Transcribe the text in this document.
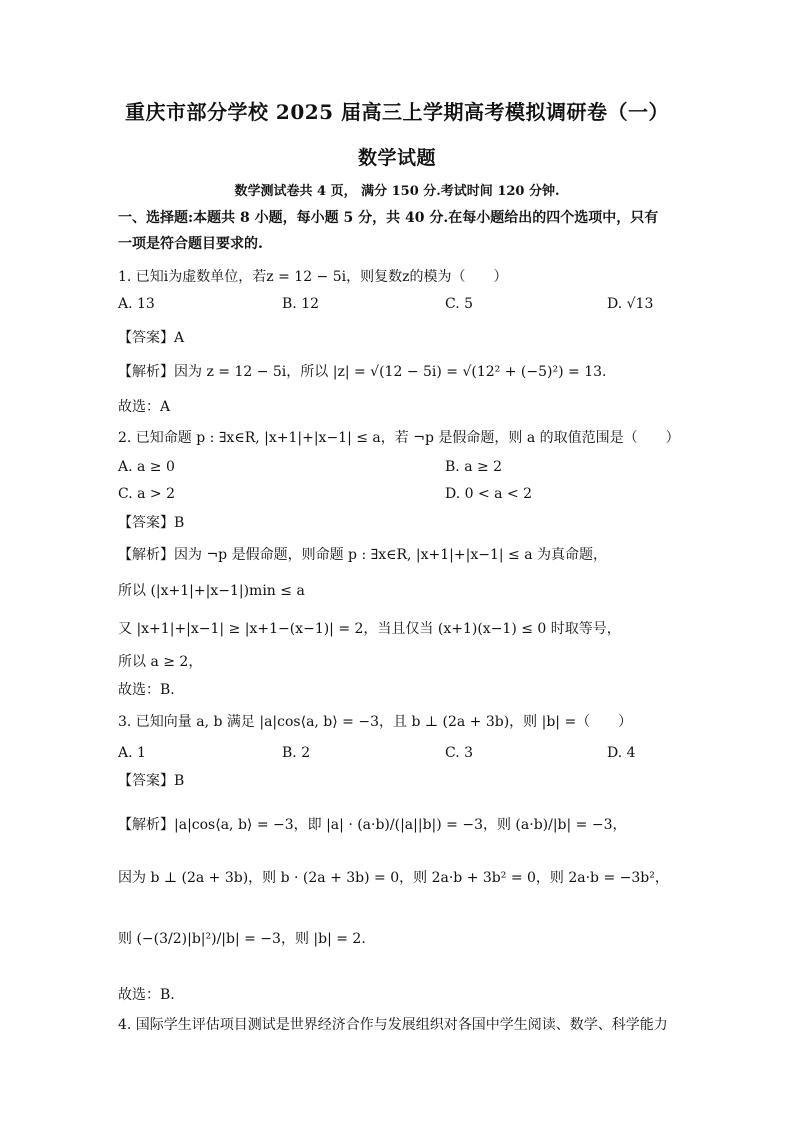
重庆市部分学校 2025 届高三上学期高考模拟调研卷（一）
数学试题
数学测试卷共 4 页， 满分 150 分.考试时间 120 分钟.
一、选择题:本题共 8 小题，每小题 5 分，共 40 分.在每小题给出的四个选项中，只有
一项是符合题目要求的.
1. 已知i为虚数单位，若z = 12 − 5i，则复数z的模为（　　）
A. 13	B. 12	C. 5	D. √13
【答案】A
【解析】因为 z = 12 − 5i，所以 |z| = √(12 − 5i) = √(12² + (−5)²) = 13.
故选：A
2. 已知命题 p : ∃x∈R, |x+1|+|x−1| ≤ a，若 ¬p 是假命题，则 a 的取值范围是（　　）
A. a ≥ 0	B. a ≥ 2
C. a > 2	D. 0 < a < 2
【答案】B
【解析】因为 ¬p 是假命题，则命题 p : ∃x∈R, |x+1|+|x−1| ≤ a 为真命题，
所以 (|x+1|+|x−1|)min ≤ a
又 |x+1|+|x−1| ≥ |x+1−(x−1)| = 2，当且仅当 (x+1)(x−1) ≤ 0 时取等号，
所以 a ≥ 2，
故选：B.
3. 已知向量 a, b 满足 |a|cos⟨a, b⟩ = −3，且 b ⊥ (2a + 3b)，则 |b| =（　　）
A. 1	B. 2	C. 3	D. 4
【答案】B
【解析】|a|cos⟨a, b⟩ = −3，即 |a| · (a·b)/(|a||b|) = −3，则 (a·b)/|b| = −3，
因为 b ⊥ (2a + 3b)，则 b · (2a + 3b) = 0，则 2a·b + 3b² = 0，则 2a·b = −3b²，
则 (−(3/2)|b|²)/|b| = −3，则 |b| = 2.
故选：B.
4. 国际学生评估项目测试是世界经济合作与发展组织对各国中学生阅读、数学、科学能力
